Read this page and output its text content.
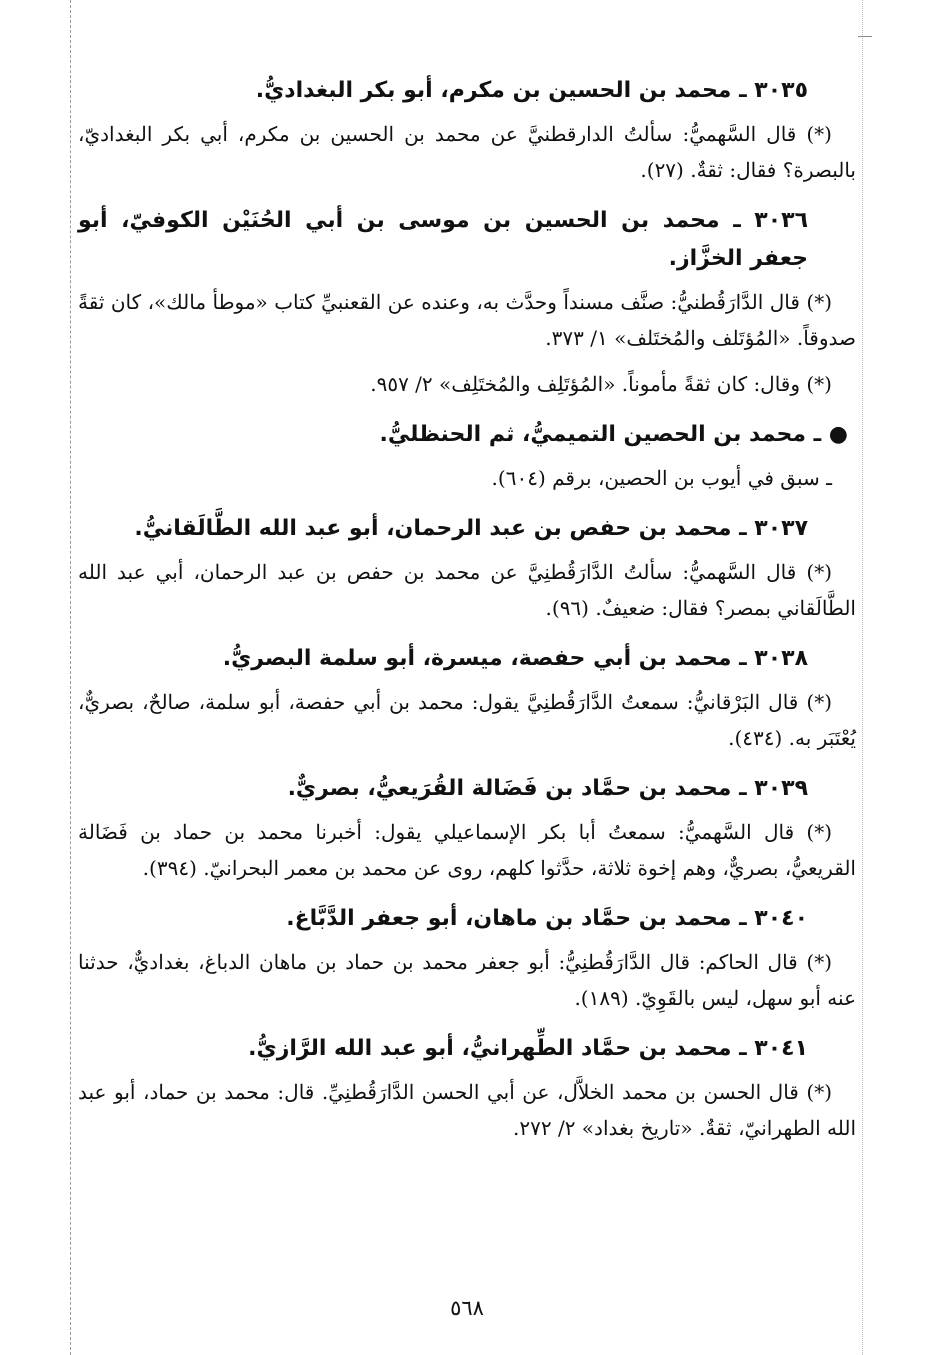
٣٠٣٥ ـ محمد بن الحسين بن مكرم، أبو بكر البغداديُّ.

(*) قال السَّهميُّ: سألتُ الدارقطنيَّ عن محمد بن الحسين بن مكرم، أبي بكر البغداديّ، بالبصرة؟ فقال: ثقةٌ. (٢٧).

٣٠٣٦ ـ محمد بن الحسين بن موسى بن أبي الحُنَيْن الكوفيّ، أبو جعفر الخزَّاز.

(*) قال الدَّارَقُطنيُّ: صنَّف مسنداً وحدَّث به، وعنده عن القعنبيِّ كتاب «موطأ مالك»، كان ثقةً صدوقاً. «المُؤتَلف والمُختَلف» ١/ ٣٧٣.

(*) وقال: كان ثقةً مأموناً. «المُؤتَلِف والمُختَلِف» ٢/ ٩٥٧.

● ـ محمد بن الحصين التميميُّ، ثم الحنظليُّ.

ـ سبق في أيوب بن الحصين، برقم (٦٠٤).

٣٠٣٧ ـ محمد بن حفص بن عبد الرحمان، أبو عبد الله الطَّالَقانيُّ.

(*) قال السَّهميُّ: سألتُ الدَّارَقُطنِيَّ عن محمد بن حفص بن عبد الرحمان، أبي عبد الله الطَّالَقاني بمصر؟ فقال: ضعيفٌ. (٩٦).

٣٠٣٨ ـ محمد بن أبي حفصة، ميسرة، أبو سلمة البصريُّ.

(*) قال البَرْقانيُّ: سمعتُ الدَّارَقُطنِيَّ يقول: محمد بن أبي حفصة، أبو سلمة، صالحٌ، بصريٌّ، يُعْتَبَر به. (٤٣٤).

٣٠٣٩ ـ محمد بن حمَّاد بن فَضَالة القُرَيعيُّ، بصريٌّ.

(*) قال السَّهميُّ: سمعتُ أبا بكر الإسماعيلي يقول: أخبرنا محمد بن حماد بن فَضَالة القريعيُّ، بصريٌّ، وهم إخوة ثلاثة، حدَّثوا كلهم، روى عن محمد بن معمر البحرانيّ. (٣٩٤).

٣٠٤٠ ـ محمد بن حمَّاد بن ماهان، أبو جعفر الدَّبَّاغ.

(*) قال الحاكم: قال الدَّارَقُطنِيُّ: أبو جعفر محمد بن حماد بن ماهان الدباغ، بغداديٌّ، حدثنا عنه أبو سهل، ليس بالقَوِيّ. (١٨٩).

٣٠٤١ ـ محمد بن حمَّاد الطِّهرانيُّ، أبو عبد الله الرَّازيُّ.

(*) قال الحسن بن محمد الخلاَّل، عن أبي الحسن الدَّارَقُطنِيِّ. قال: محمد بن حماد، أبو عبد الله الطهرانيّ، ثقةٌ. «تاريخ بغداد» ٢/ ٢٧٢.

٥٦٨
